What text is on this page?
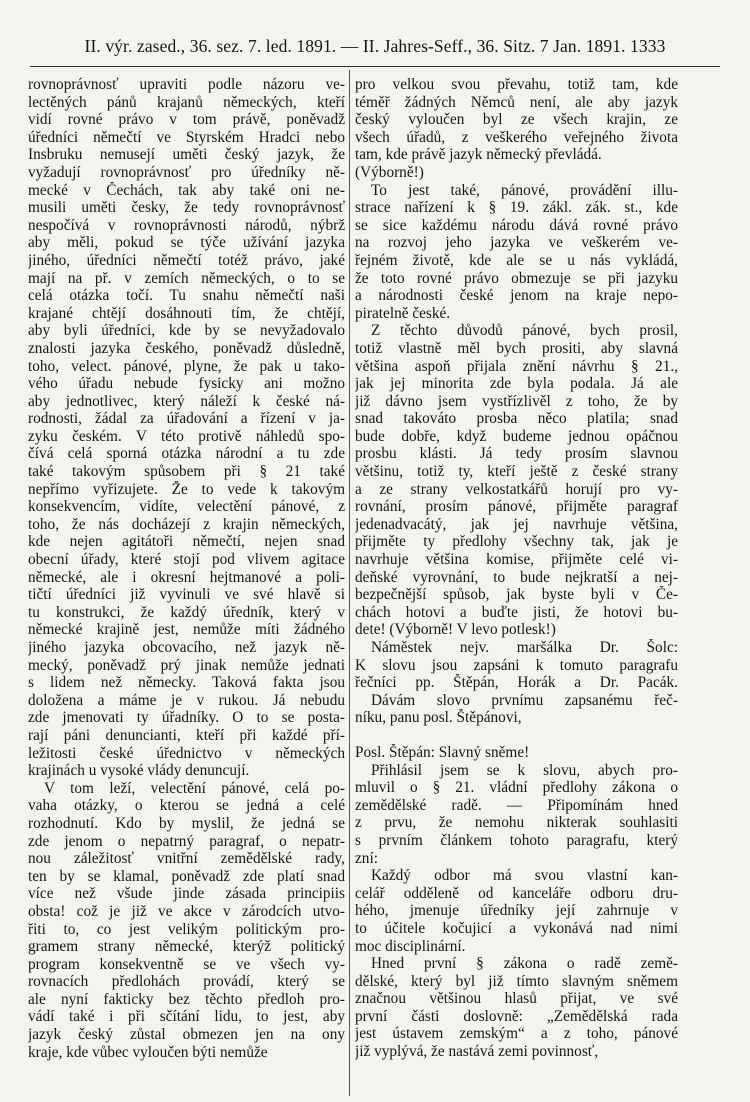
II. výr. zased., 36. sez. 7. led. 1891. — II. Jahres-Seff., 36. Sitz. 7 Jan. 1891. 1333
rovnoprávnosť upraviti podle názoru ve-
lectěných pánů krajanů německých, kteří
vidí rovné právo v tom právě, poněvadž
úředníci němečtí ve Styrském Hradci nebo
Insbruku nemusejí uměti český jazyk, že
vyžadují rovnoprávnosť pro úředníky ně-
mecké v Čechách, tak aby také oni ne-
musili uměti česky, že tedy rovnoprávnosť
nespočívá v rovnoprávnosti národů, nýbrž
aby měli, pokud se týče užívání jazyka
jiného, úředníci němečtí totéž právo, jaké
mají na př. v zemích německých, o to se
celá otázka točí. Tu snahu němečtí naši
krajané chtějí dosáhnouti tím, že chtějí,
aby byli úředníci, kde by se nevyžadovalo
znalosti jazyka českého, poněvadž důsledně,
toho, velect. pánové, plyne, že pak u tako-
vého úřadu nebude fysicky ani možno
aby jednotlivec, který náleží k české ná-
rodnosti, žádal za úřadování a řízení v ja-
zyku českém. V této protivě náhledů spo-
čívá celá sporná otázka národní a tu zde
také takovým spůsobem při § 21 také
nepřímo vyřizujete. Že to vede k takovým
konsekvencím, vidíte, velectění pánové, z
toho, že nás docházejí z krajin německých,
kde nejen agitátoři němečtí, nejen snad
obecní úřady, které stojí pod vlivem agitace
německé, ale i okresní hejtmanové a poli-
tičtí úředníci již vyvinuli ve své hlavě si
tu konstrukci, že každý úředník, který v
německé krajině jest, nemůže míti žádného
jiného jazyka obcovacího, než jazyk ně-
mecký, poněvadž prý jinak nemůže jednati
s lidem než německy. Taková fakta jsou
doložena a máme je v rukou. Já nebudu
zde jmenovati ty úřadníky. O to se posta-
rají páni denuncianti, kteří při každé pří-
ležitosti české úřednictvo v německých
krajinách u vysoké vlády denuncují.
V tom leží, velectění pánové, celá po-
vaha otázky, o kterou se jedná a celé
rozhodnutí. Kdo by myslil, že jedná se
zde jenom o nepatrný paragraf, o nepatr-
nou záležitosť vnitřní zemědělské rady,
ten by se klamal, poněvadž zde platí snad
více než všude jinde zásada principiis
obsta! což je již ve akce v zárodcích utvo-
řiti to, co jest velikým politickým pro-
gramem strany německé, kterýž politický
program konsekventně se ve všech vy-
rovnacích předlohách provádí, který se
ale nyní fakticky bez těchto předloh pro-
vádí také i při sčítání lidu, to jest, aby
jazyk český zůstal obmezen jen na ony
kraje, kde vůbec vyloučen býti nemůže
pro velkou svou převahu, totiž tam, kde
téměř žádných Němců není, ale aby jazyk
český vyloučen byl ze všech krajin, ze
všech úřadů, z veškerého veřejného života
tam, kde právě jazyk německý převládá.
(Výborně!)
To jest také, pánové, provádění illu-
strace nařízení k § 19. zákl. zák. st., kde
se sice každému národu dává rovné právo
na rozvoj jeho jazyka ve veškerém ve-
řejném životě, kde ale se u nás vykládá,
že toto rovné právo obmezuje se při jazyku
a národnosti české jenom na kraje nepo-
piratelně české.
Z těchto důvodů pánové, bych prosil,
totiž vlastně měl bych prositi, aby slavná
většina aspoň přijala znění návrhu § 21.,
jak jej minorita zde byla podala. Já ale
již dávno jsem vystřízlivěl z toho, že by
snad takováto prosba něco platila; snad
bude dobře, když budeme jednou opáčnou
prosbu klásti. Já tedy prosím slavnou
většinu, totiž ty, kteří ještě z české strany
a ze strany velkostatkářů horují pro vy-
rovnání, prosím pánové, přijměte paragraf
jedenadvacátý, jak jej navrhuje většina,
přijměte ty předlohy všechny tak, jak je
navrhuje většina komise, přijměte celé vi-
deňské vyrovnání, to bude nejkratší a nej-
bezpečnější spůsob, jak byste byli v Če-
chách hotovi a buďte jisti, že hotovi bu-
dete! (Výborně! V levo potlesk!)
Náměstek nejv. maršálka Dr. Šolc:
K slovu jsou zapsáni k tomuto paragrafu
řečníci pp. Štěpán, Horák a Dr. Pacák.
Dávám slovo prvnímu zapsanému řeč-
níku, panu posl. Štěpánovi,
Posl. Štěpán: Slavný sněme!
Přihlásil jsem se k slovu, abych pro-
mluvil o § 21. vládní předlohy zákona o
zemědělské radě. — Připomínám hned
z prvu, že nemohu nikterak souhlasiti
s prvním článkem tohoto paragrafu, který
zní:
Každý odbor má svou vlastní kan-
celář odděleně od kanceláře odboru dru-
hého, jmenuje úředníky její zahrnuje v
to účitele kočujicí a vykonává nad nimi
moc disciplinární.
Hned první § zákona o radě země-
dělské, který byl již tímto slavným sněmem
značnou většinou hlasů přijat, ve své
první části doslovně: „Zemědělská rada
jest ústavem zemským“ a z toho, pánové
již vyplývá, že nastává zemi povinnosť,
